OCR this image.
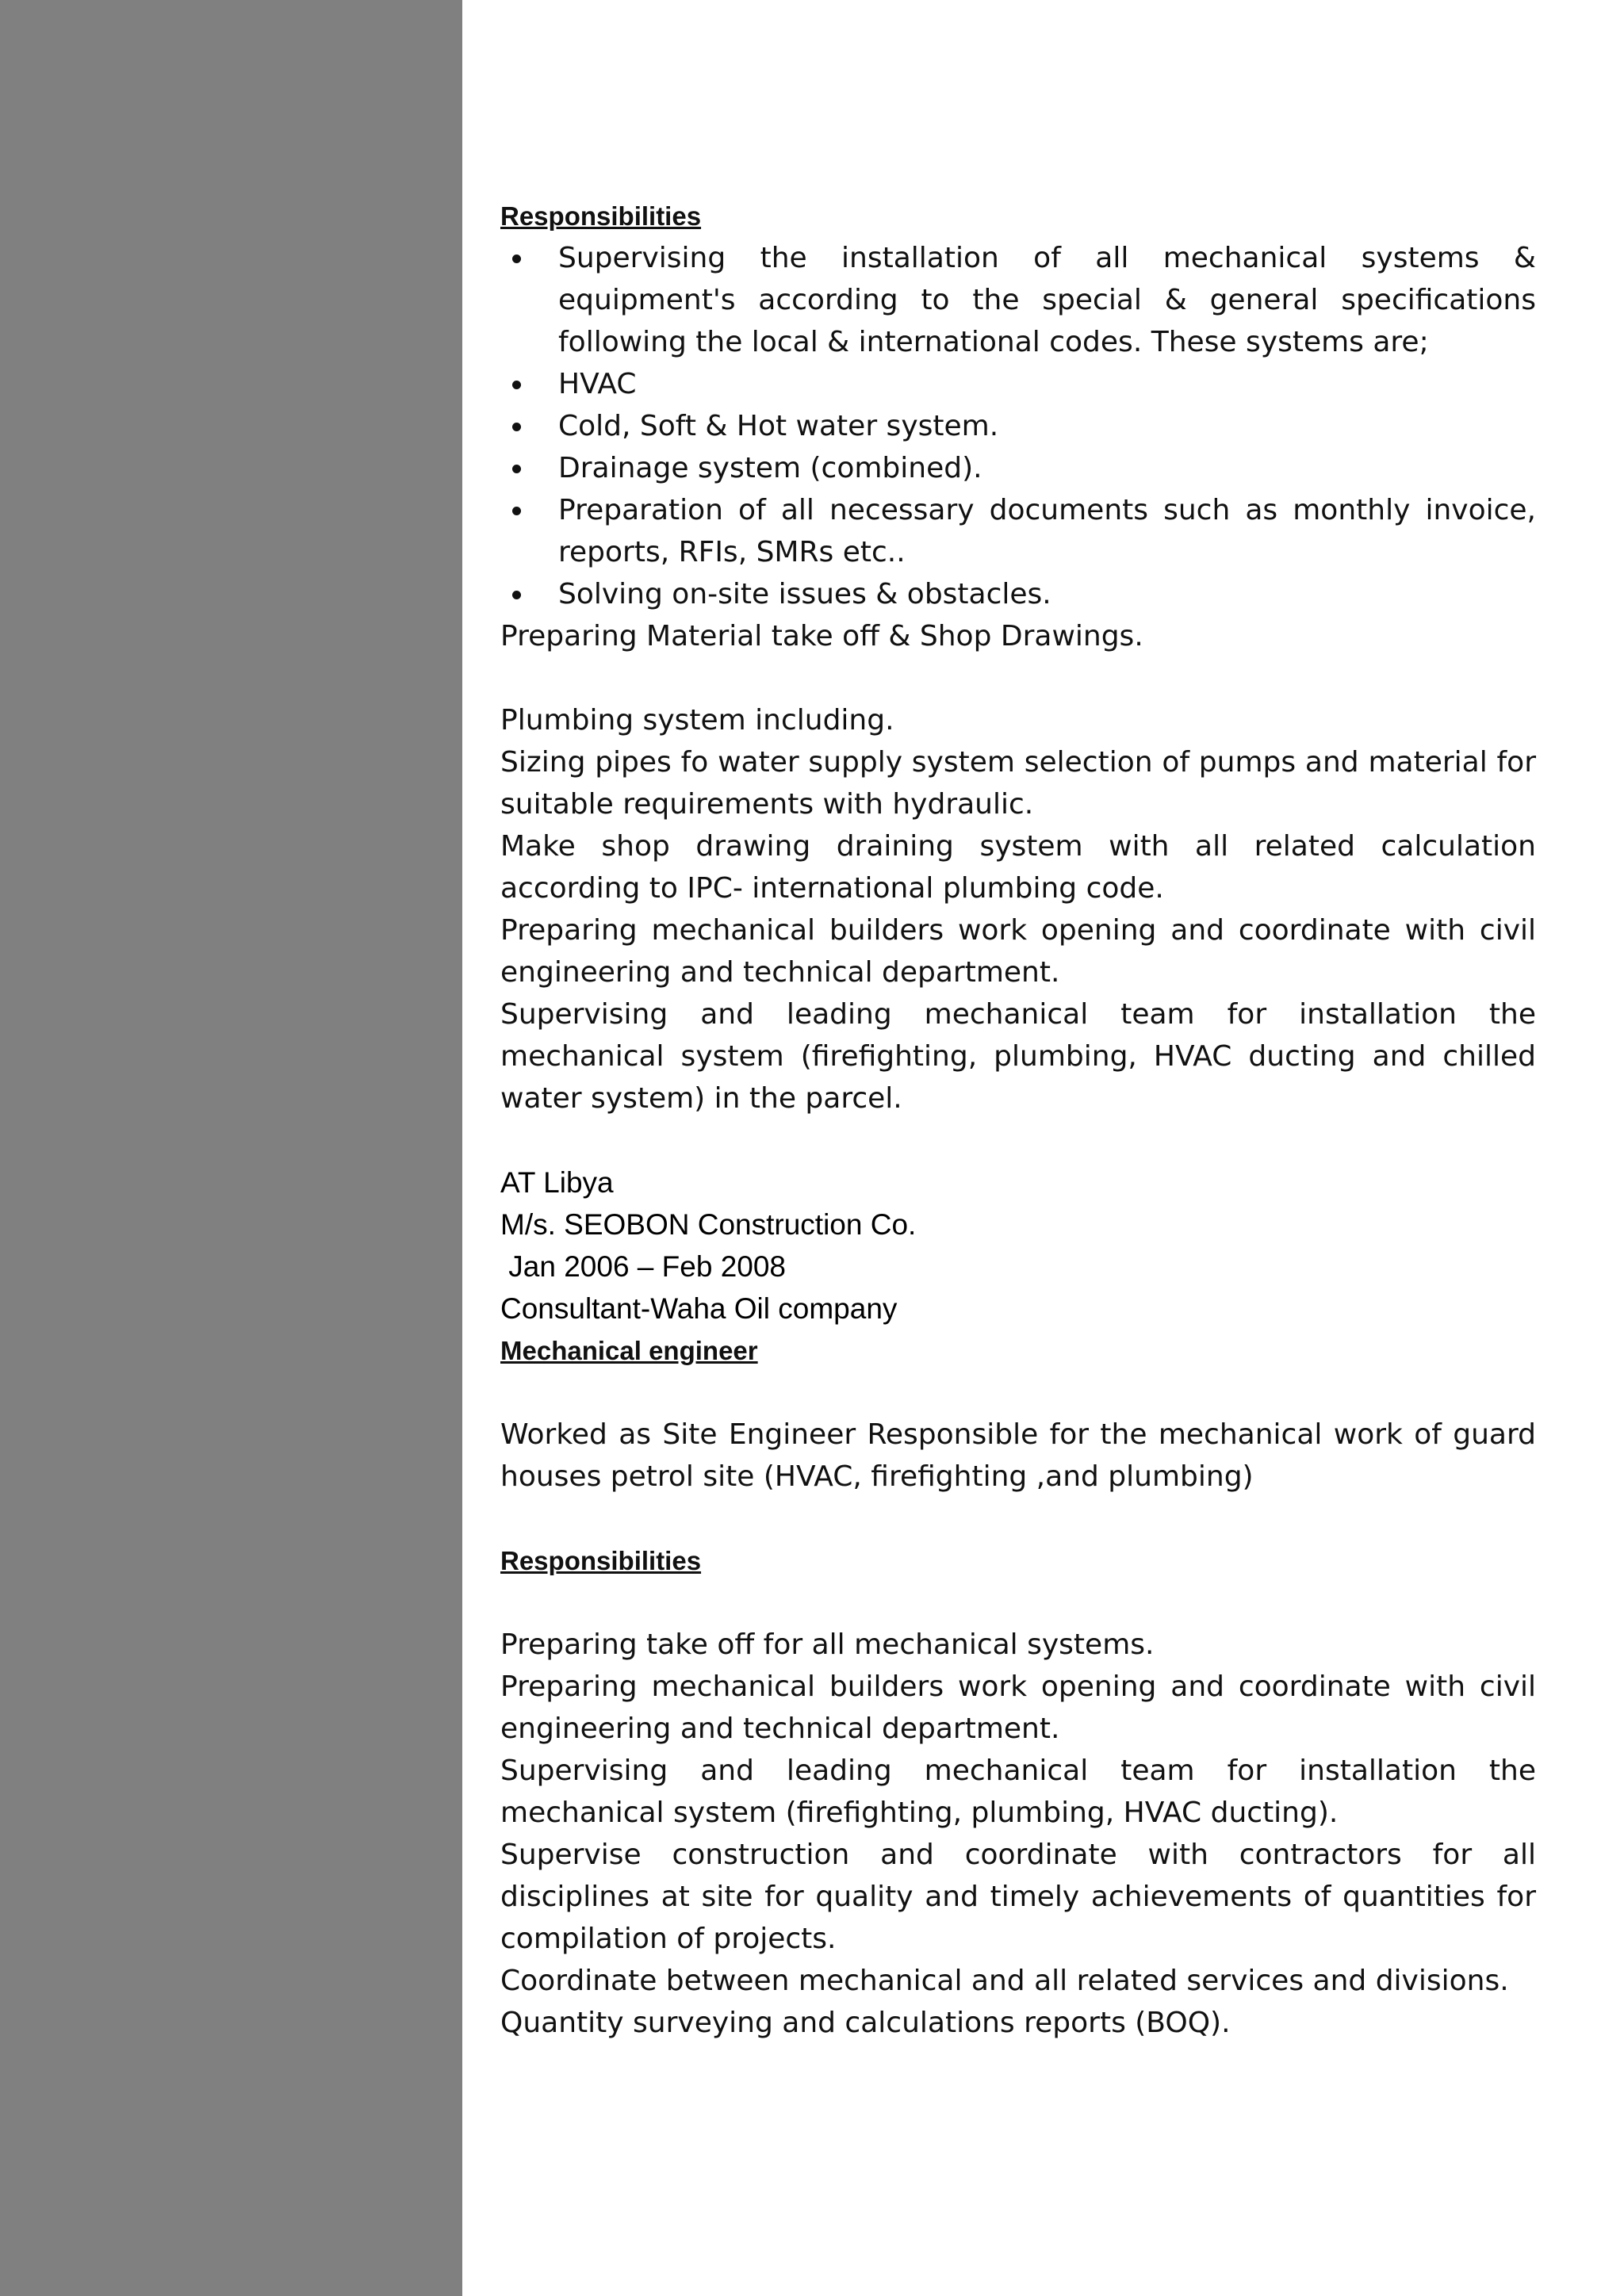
Responsibilities

Supervising the installation of all mechanical systems & equipment's according to the special & general specifications following the local & international codes. These systems are;
HVAC
Cold, Soft & Hot water system.
Drainage system (combined).
Preparation of all necessary documents such as monthly invoice, reports, RFIs, SMRs etc..
Solving on-site issues & obstacles.

Preparing Material take off & Shop Drawings.

Plumbing system including.

Sizing pipes fo water supply system selection of pumps and material for suitable requirements with hydraulic.

Make shop drawing draining system with all related calculation according to IPC- international plumbing code.

Preparing mechanical builders work opening and coordinate with civil engineering and technical department.

Supervising and leading mechanical team for installation the mechanical system (firefighting, plumbing, HVAC ducting and chilled water system) in the parcel.

AT Libya

M/s. SEOBON Construction Co.

Jan 2006 – Feb 2008

Consultant-Waha Oil company

Mechanical engineer

Worked as Site Engineer Responsible for the mechanical work of guard houses petrol site (HVAC, firefighting ,and plumbing)

Responsibilities

Preparing take off for all mechanical systems.

Preparing mechanical builders work opening and coordinate with civil engineering and technical department.

Supervising and leading mechanical team for installation the mechanical system (firefighting, plumbing, HVAC ducting).

Supervise construction and coordinate with contractors for all disciplines at site for quality and timely achievements of quantities for compilation of projects.

Coordinate between mechanical and all related services and divisions.

Quantity surveying and calculations reports (BOQ).
